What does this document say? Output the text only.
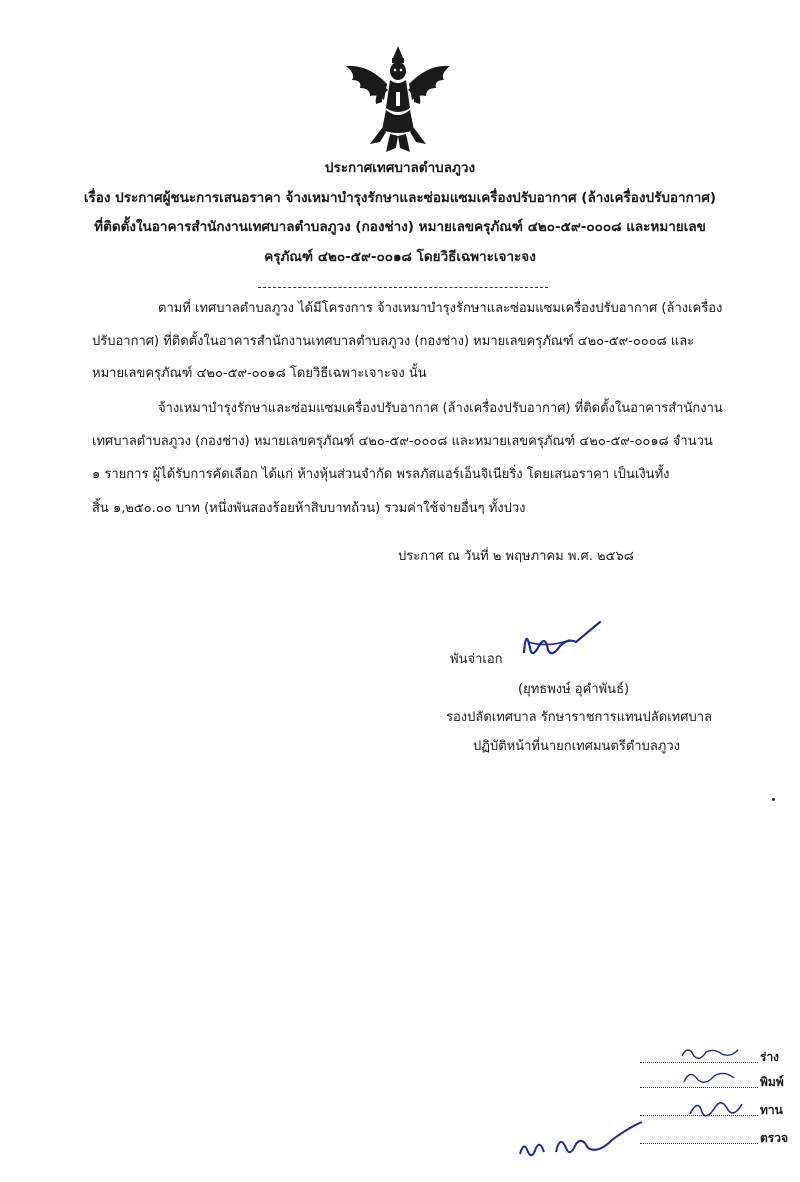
ประกาศเทศบาลตำบลภูวง
เรื่อง ประกาศผู้ชนะการเสนอราคา จ้างเหมาบำรุงรักษาและซ่อมแซมเครื่องปรับอากาศ (ล้างเครื่องปรับอากาศ)
ที่ติดตั้งในอาคารสำนักงานเทศบาลตำบลภูวง (กองช่าง) หมายเลขครุภัณฑ์ ๔๒๐-๕๙-๐๐๐๘ และหมายเลข
ครุภัณฑ์ ๔๒๐-๕๙-๐๐๑๘ โดยวิธีเฉพาะเจาะจง
ตามที่ เทศบาลตำบลภูวง ได้มีโครงการ จ้างเหมาบำรุงรักษาและซ่อมแซมเครื่องปรับอากาศ (ล้างเครื่อง
ปรับอากาศ) ที่ติดตั้งในอาคารสำนักงานเทศบาลตำบลภูวง (กองช่าง) หมายเลขครุภัณฑ์ ๔๒๐-๕๙-๐๐๐๘ และ
หมายเลขครุภัณฑ์ ๔๒๐-๕๙-๐๐๑๘ โดยวิธีเฉพาะเจาะจง นั้น
จ้างเหมาบำรุงรักษาและซ่อมแซมเครื่องปรับอากาศ (ล้างเครื่องปรับอากาศ) ที่ติดตั้งในอาคารสำนักงาน
เทศบาลตำบลภูวง (กองช่าง) หมายเลขครุภัณฑ์ ๔๒๐-๕๙-๐๐๐๘ และหมายเลขครุภัณฑ์ ๔๒๐-๕๙-๐๐๑๘ จำนวน
๑ รายการ ผู้ได้รับการคัดเลือก ได้แก่ ห้างหุ้นส่วนจำกัด พรลภัสแอร์เอ็นจิเนียริ่ง โดยเสนอราคา เป็นเงินทั้ง
สิ้น ๑,๒๕๐.๐๐ บาท (หนึ่งพันสองร้อยห้าสิบบาทถ้วน) รวมค่าใช้จ่ายอื่นๆ ทั้งปวง
ประกาศ ณ วันที่ ๒ พฤษภาคม พ.ศ. ๒๕๖๘
พันจ่าเอก
(ยุทธพงษ์ อุคำพันธ์)
รองปลัดเทศบาล รักษาราชการแทนปลัดเทศบาล
ปฏิบัติหน้าที่นายกเทศมนตรีตำบลภูวง
ร่าง
พิมพ์
ทาน
ตรวจ
